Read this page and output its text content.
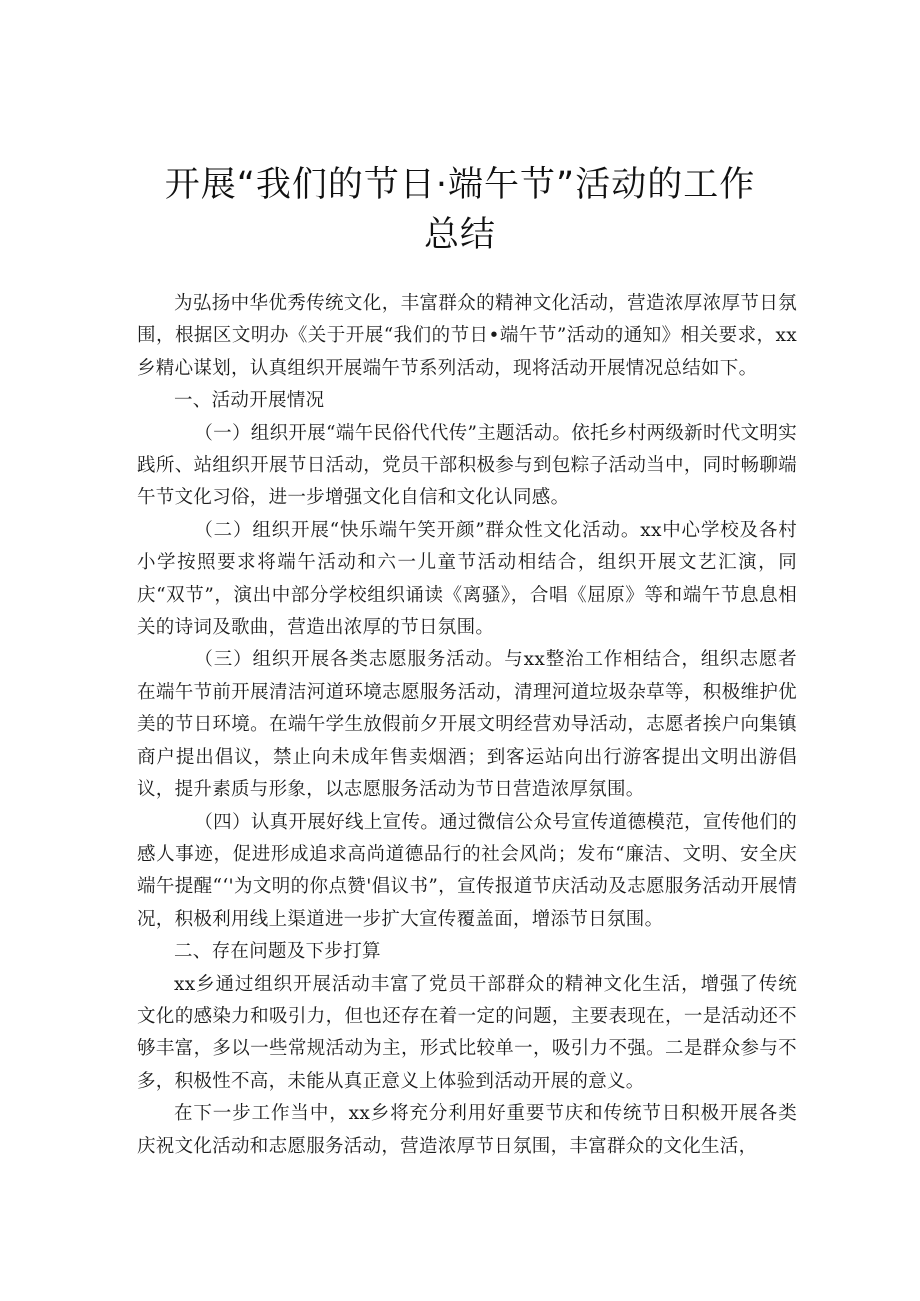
开展“我们的节日·端午节”活动的工作
总结

为弘扬中华优秀传统文化，丰富群众的精神文化活动，营造浓厚浓厚节日氛围，根据区文明办《关于开展“我们的节日•端午节”活动的通知》相关要求，xx乡精心谋划，认真组织开展端午节系列活动，现将活动开展情况总结如下。

一、活动开展情况

（一）组织开展“端午民俗代代传”主题活动。依托乡村两级新时代文明实践所、站组织开展节日活动，党员干部积极参与到包粽子活动当中，同时畅聊端午节文化习俗，进一步增强文化自信和文化认同感。

（二）组织开展“快乐端午笑开颜”群众性文化活动。xx中心学校及各村小学按照要求将端午活动和六一儿童节活动相结合，组织开展文艺汇演，同庆“双节”，演出中部分学校组织诵读《离骚》，合唱《屈原》等和端午节息息相关的诗词及歌曲，营造出浓厚的节日氛围。

（三）组织开展各类志愿服务活动。与xx整治工作相结合，组织志愿者在端午节前开展清洁河道环境志愿服务活动，清理河道垃圾杂草等，积极维护优美的节日环境。在端午学生放假前夕开展文明经营劝导活动，志愿者挨户向集镇商户提出倡议，禁止向未成年售卖烟酒；到客运站向出行游客提出文明出游倡议，提升素质与形象，以志愿服务活动为节日营造浓厚氛围。

（四）认真开展好线上宣传。通过微信公众号宣传道德模范，宣传他们的感人事迹，促进形成追求高尚道德品行的社会风尚；发布“廉洁、文明、安全庆端午提醒“‘'为文明的你点赞'倡议书”，宣传报道节庆活动及志愿服务活动开展情况，积极利用线上渠道进一步扩大宣传覆盖面，增添节日氛围。

二、存在问题及下步打算

xx乡通过组织开展活动丰富了党员干部群众的精神文化生活，增强了传统文化的感染力和吸引力，但也还存在着一定的问题，主要表现在，一是活动还不够丰富，多以一些常规活动为主，形式比较单一，吸引力不强。二是群众参与不多，积极性不高，未能从真正意义上体验到活动开展的意义。

在下一步工作当中，xx乡将充分利用好重要节庆和传统节日积极开展各类庆祝文化活动和志愿服务活动，营造浓厚节日氛围，丰富群众的文化生活，
